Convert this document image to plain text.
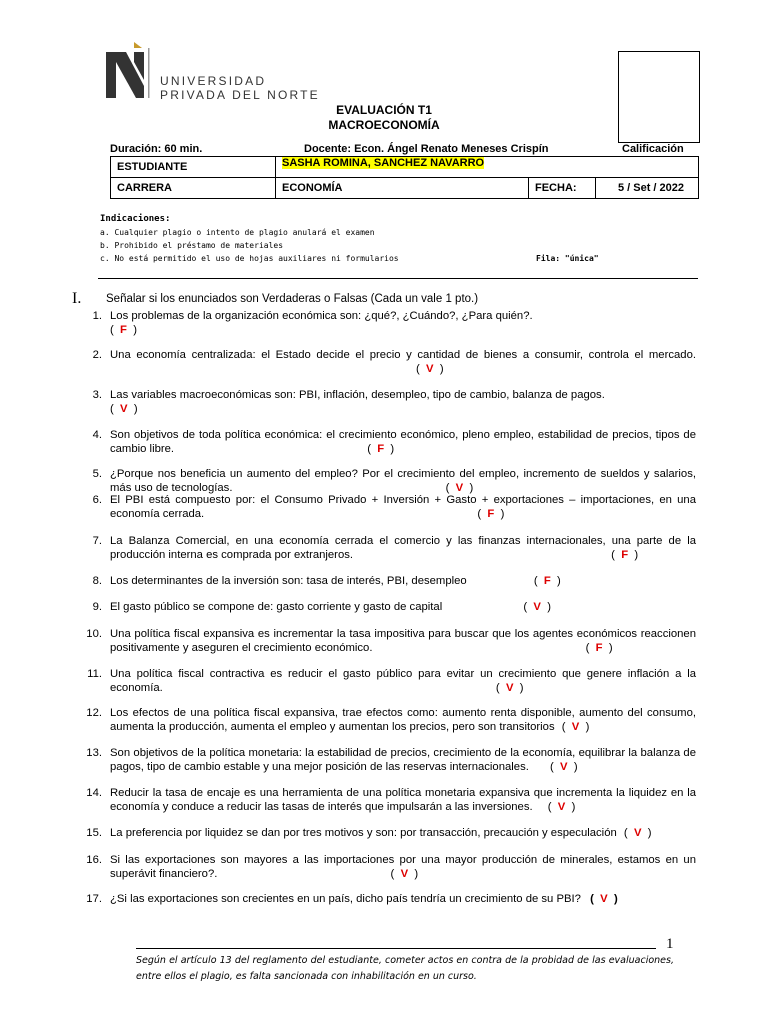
UNIVERSIDAD
PRIVADA DEL NORTE
EVALUACIÓN T1
MACROECONOMÍA
Duración: 60 min.	Docente: Econ. Ángel Renato Meneses Crispín	Calificación
ESTUDIANTE	SASHA ROMINA, SANCHEZ NAVARRO		
CARRERA	ECONOMÍA	FECHA:	5 / Set / 2022
Indicaciones:
a. Cualquier plagio o intento de plagio anulará el examen
b. Prohibido el préstamo de materiales
c. No está permitido el uso de hojas auxiliares ni formularios	Fila: "única"
I. Señalar si los enunciados son Verdaderas o Falsas (Cada un vale 1 pto.)
1. Los problemas de la organización económica son: ¿qué?, ¿Cuándo?, ¿Para quién?.
(  F  )
2. Una economía centralizada: el Estado decide el precio y cantidad de bienes a consumir, controla el mercado. (  V  )
3. Las variables macroeconómicas son: PBI, inflación, desempleo, tipo de cambio, balanza de pagos.
(  V  )
4. Son objetivos de toda política económica: el crecimiento económico, pleno empleo, estabilidad de precios, tipos de cambio libre.	(  F  )
5. ¿Porque nos beneficia un aumento del empleo? Por el crecimiento del empleo, incremento de sueldos y salarios, más uso de tecnologías.	(  V  )
6. El PBI está compuesto por: el Consumo Privado + Inversión + Gasto + exportaciones – importaciones, en una economía cerrada.	(  F  )
7. La Balanza Comercial, en una economía cerrada el comercio y las finanzas internacionales, una parte de la producción interna es comprada por extranjeros.	(  F  )
8. Los determinantes de la inversión son: tasa de interés, PBI, desempleo	(  F  )
9. El gasto público se compone de: gasto corriente y gasto de capital	(  V  )
10. Una política fiscal expansiva es incrementar la tasa impositiva para buscar que los agentes económicos reaccionen positivamente y aseguren el crecimiento económico.	(  F  )
11. Una política fiscal contractiva es reducir el gasto público para evitar un crecimiento que genere inflación a la economía.	(  V  )
12. Los efectos de una política fiscal expansiva, trae efectos como: aumento renta disponible, aumento del consumo, aumenta la producción, aumenta el empleo y aumentan los precios, pero son transitorios (  V  )
13. Son objetivos de la política monetaria: la estabilidad de precios, crecimiento de la economía, equilibrar la balanza de pagos, tipo de cambio estable y una mejor posición de las reservas internacionales. (  V  )
14. Reducir la tasa de encaje es una herramienta de una política monetaria expansiva que incrementa la liquidez en la economía y conduce a reducir las tasas de interés que impulsarán a las inversiones. (  V  )
15. La preferencia por liquidez se dan por tres motivos y son: por transacción, precaución y especulación (  V  )
16. Si las exportaciones son mayores a las importaciones por una mayor producción de minerales, estamos en un superávit financiero?.	(  V  )
17. ¿Si las exportaciones son crecientes en un país, dicho país tendría un crecimiento de su PBI? (  V  )
1
Según el artículo 13 del reglamento del estudiante, cometer actos en contra de la probidad de las evaluaciones, entre ellos el plagio, es falta sancionada con inhabilitación en un curso.
